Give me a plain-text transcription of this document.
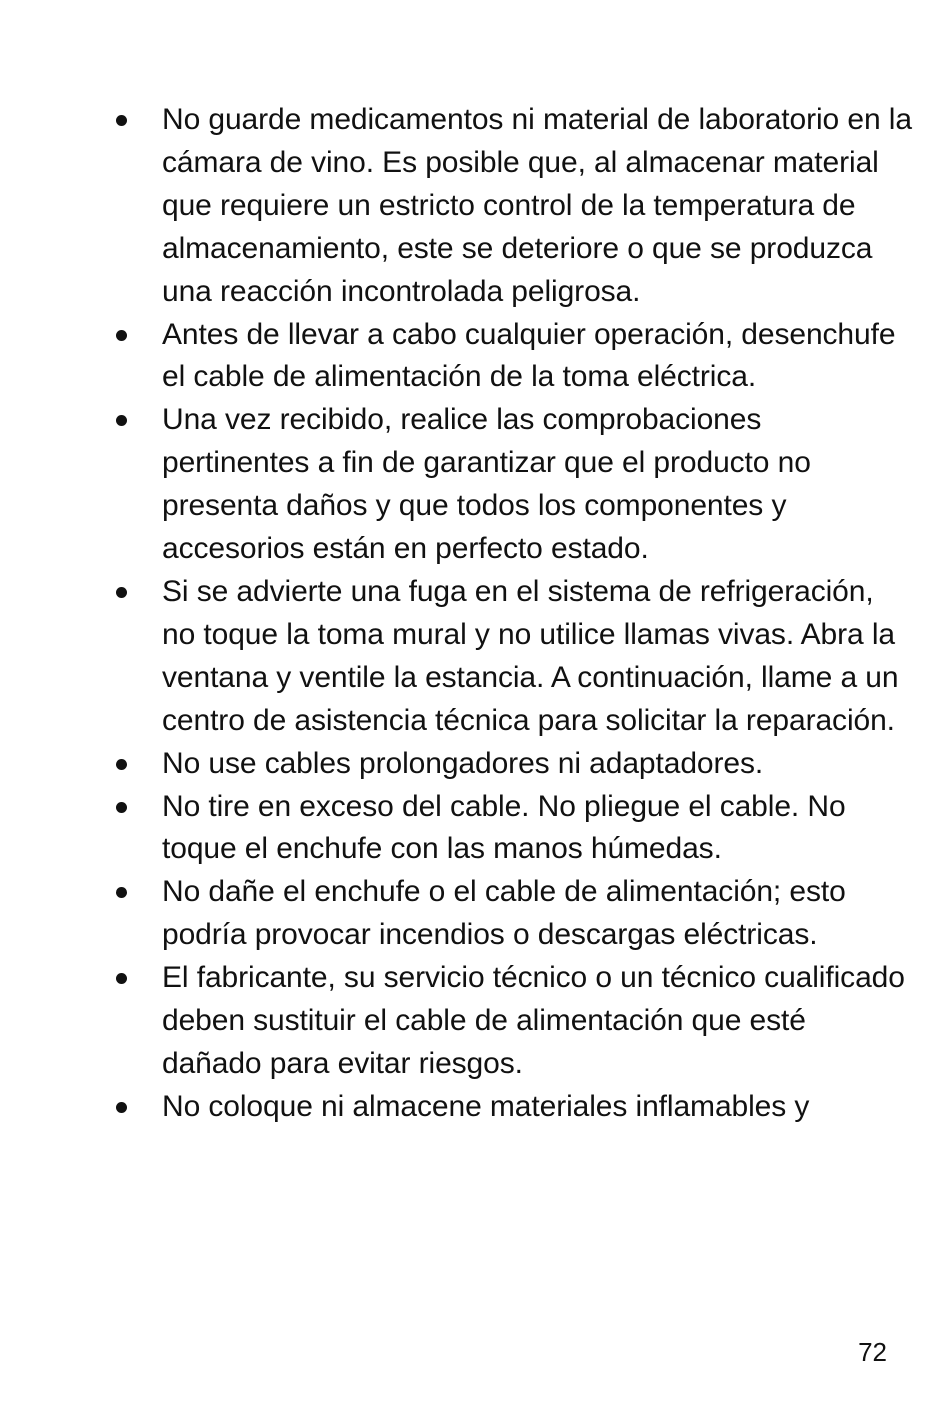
No guarde medicamentos ni material de laboratorio en la cámara de vino. Es posible que, al almacenar material que requiere un estricto control de la temperatura de almacenamiento, este se deteriore o que se produzca una reacción incontrolada peligrosa.
Antes de llevar a cabo cualquier operación, desenchufe el cable de alimentación de la toma eléctrica.
Una vez recibido, realice las comprobaciones pertinentes a fin de garantizar que el producto no presenta daños y que todos los componentes y accesorios están en perfecto estado.
Si se advierte una fuga en el sistema de refrigeración, no toque la toma mural y no utilice llamas vivas. Abra la ventana y ventile la estancia. A continuación, llame a un centro de asistencia técnica para solicitar la reparación.
No use cables prolongadores ni adaptadores.
No tire en exceso del cable. No pliegue el cable. No toque el enchufe con las manos húmedas.
No dañe el enchufe o el cable de alimentación; esto podría provocar incendios o descargas eléctricas.
El fabricante, su servicio técnico o un técnico cualificado deben sustituir el cable de alimentación que esté dañado para evitar riesgos.
No coloque ni almacene materiales inflamables y
72
